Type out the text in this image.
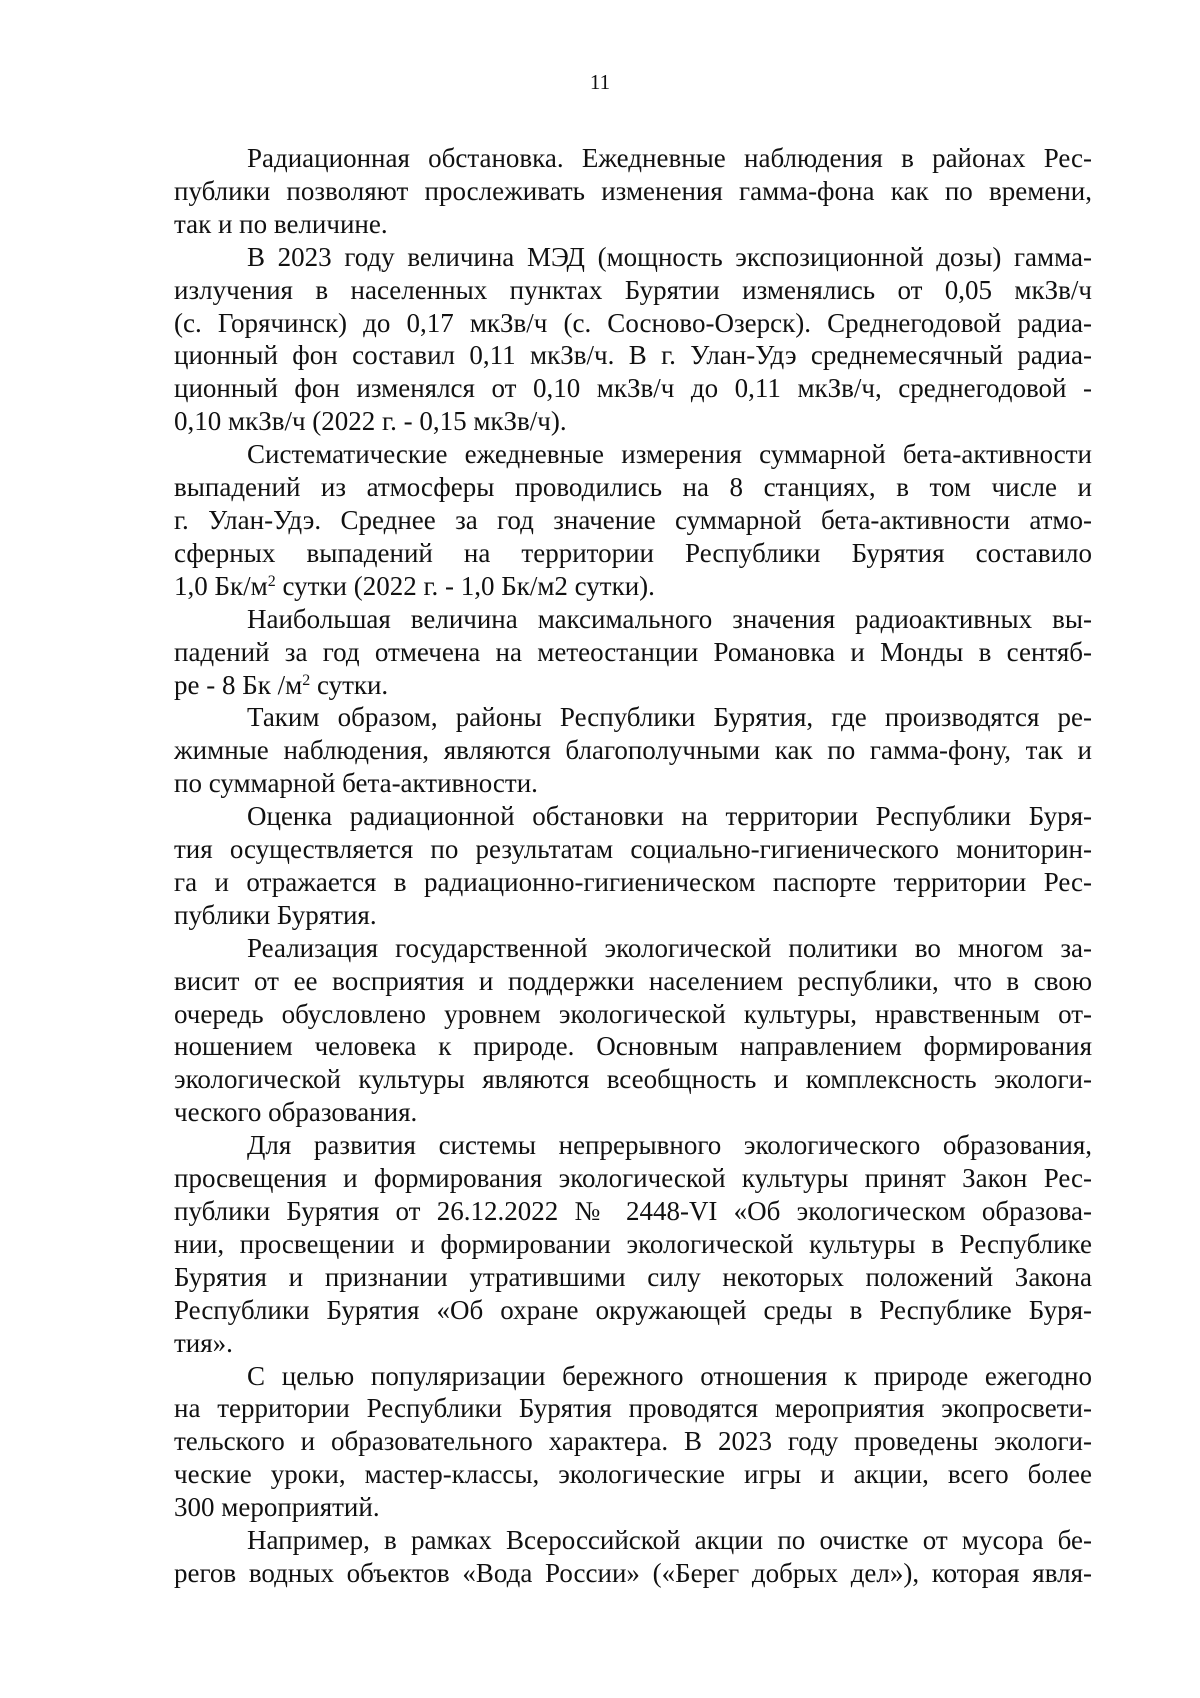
11

Радиационная обстановка. Ежедневные наблюдения в районах Рес-
публики позволяют прослеживать изменения гамма-фона как по времени,
так и по величине.

В 2023 году величина МЭД (мощность экспозиционной дозы) гамма-
излучения в населенных пунктах Бурятии изменялись от 0,05 мкЗв/ч
(с. Горячинск) до 0,17 мкЗв/ч (с. Сосново-Озерск). Среднегодовой радиа-
ционный фон составил 0,11 мкЗв/ч. В г. Улан-Удэ среднемесячный радиа-
ционный фон изменялся от 0,10 мкЗв/ч до 0,11 мкЗв/ч, среднегодовой -
0,10 мкЗв/ч (2022 г. - 0,15 мкЗв/ч).

Систематические ежедневные измерения суммарной бета-активности
выпадений из атмосферы проводились на 8 станциях, в том числе и
г. Улан-Удэ. Среднее за год значение суммарной бета-активности атмо-
сферных выпадений на территории Республики Бурятия составило
1,0 $Бк/м^2$ сутки (2022 г. - 1,0 Бк/м2 сутки).

Наибольшая величина максимального значения радиоактивных вы-
падений за год отмечена на метеостанции Романовка и Монды в сентяб-
ре - 8 Бк $/м^2$ сутки.

Таким образом, районы Республики Бурятия, где производятся ре-
жимные наблюдения, являются благополучными как по гамма-фону, так и
по суммарной бета-активности.

Оценка радиационной обстановки на территории Республики Буря-
тия осуществляется по результатам социально-гигиенического мониторин-
га и отражается в радиационно-гигиеническом паспорте территории Рес-
публики Бурятия.

Реализация государственной экологической политики во многом за-
висит от ее восприятия и поддержки населением республики, что в свою
очередь обусловлено уровнем экологической культуры, нравственным от-
ношением человека к природе. Основным направлением формирования
экологической культуры являются всеобщность и комплексность экологи-
ческого образования.

Для развития системы непрерывного экологического образования,
просвещения и формирования экологической культуры принят Закон Рес-
публики Бурятия от 26.12.2022 № 2448-VI «Об экологическом образова-
нии, просвещении и формировании экологической культуры в Республике
Бурятия и признании утратившими силу некоторых положений Закона
Республики Бурятия «Об охране окружающей среды в Республике Буря-
тия».

С целью популяризации бережного отношения к природе ежегодно
на территории Республики Бурятия проводятся мероприятия экопросвети-
тельского и образовательного характера. В 2023 году проведены экологи-
ческие уроки, мастер-классы, экологические игры и акции, всего более
300 мероприятий.

Например, в рамках Всероссийской акции по очистке от мусора бе-
регов водных объектов «Вода России» («Берег добрых дел»), которая явля-
